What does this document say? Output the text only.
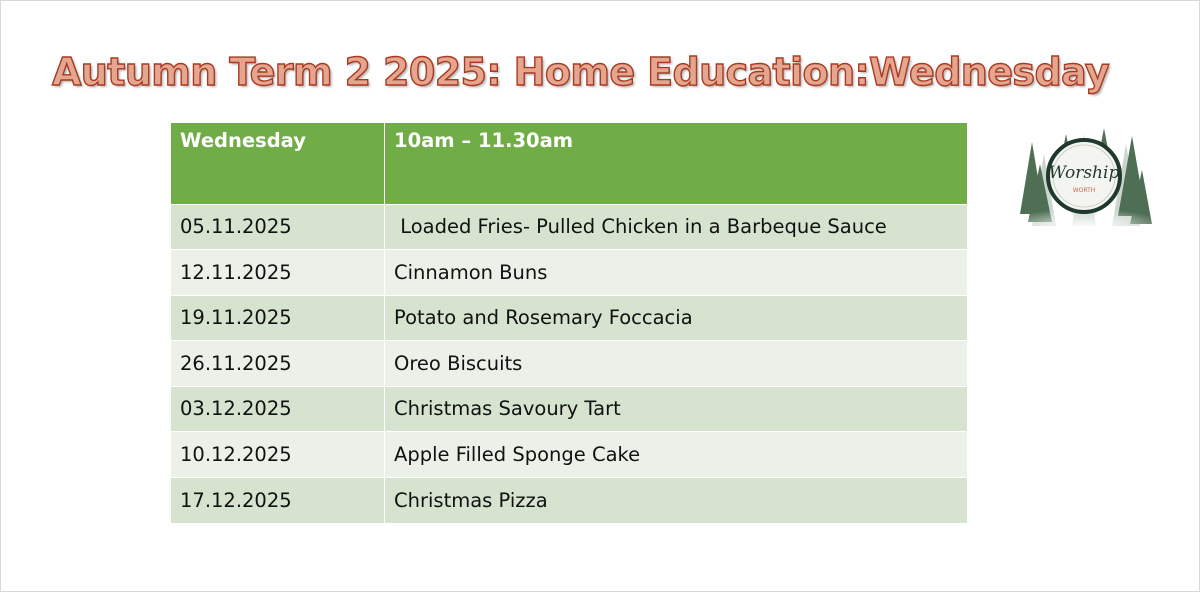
Autumn Term 2 2025: Home Education:Wednesday
Wednesday	10am – 11.30am
05.11.2025	Loaded Fries- Pulled Chicken in a Barbeque Sauce
12.11.2025	Cinnamon Buns
19.11.2025	Potato and Rosemary Foccacia
26.11.2025	Oreo Biscuits
03.12.2025	Christmas Savoury Tart
10.12.2025	Apple Filled Sponge Cake
17.12.2025	Christmas Pizza
Worship
WORTH
